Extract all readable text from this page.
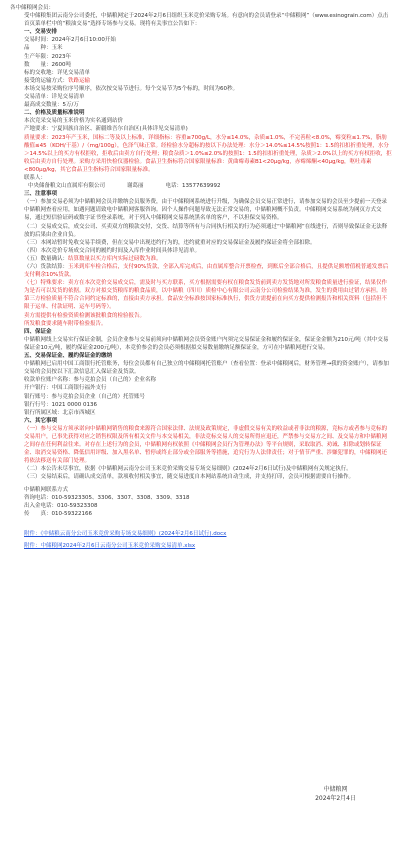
各中储粮网会员：

受中储粮集团云南分公司委托，中储粮网定于2024年2月6日组织玉米竞价采购专场。有意向的会员请登录“中储粮网”（www.esinograin.com）点击首页菜单栏中的“粮油交易”选择专场参与交易。现将有关事宜公告如下：

一、交易安排

交易时间：2024年2月6日10:00开始

品　　种：玉米

生产年限：2023年

数　　量：2600吨

标的交收地：详见交易清单

接受的运输方式：铁路运输

本场交易按采购位序号顺序，依次按交易节进行。每个交易节为5个标的，时间为60秒。

交易清单：详见交易清单

最高成交数量：5万/万

二、价格及质量标准说明

本次竞采交易的玉米价格为实名通到站价

产地要求：宁夏回族自治区、新疆维吾尔自治区(具体详见交易清单)

质量要求：2023年产玉米，国标二等及以上标准，详细指标：容重≥700g/L，水分≤14.0%，杂质≤1.0%，不完善粒<8.0%，霉变粒≤1.7%，脂肪酸值≤45（KOH/干基）/（mg/100g），色泽气味正常。经检验水分超标的按以下办法处理：水分＞14.0%≤14.5%按照1：1.5的扣扣折重处理，水分＞14.5%以上的买方有权拒收，拒收后由卖方自行处理；粮食杂质＞1.0%≤2.0%的按照1：1.5的扣扣折重处理，杂质＞2.0%以上的买方有权拒收，拒收后由卖方自行处理。采购方采用快检仪器检验。食品卫生指标符合国家限量标准：黄曲霉毒素B1<20μg/kg，赤霉烯酮<40μg/kg，呕吐毒素<800μg/kg，其它食品卫生指标符合国家限量标准。

联系人：

中央储备粮文山直属库有限公司	谢葛丽	电话：13577639992

三、注意事项

（一）参加交易必须为中储粮网会员并缴纳会员服务费，由于中储粮网系统进行升级，为确保会员交易正常进行，请参加交易的会员至少提前一天登录中储粮网查看应用，如遇问题请致电中储粮网客服咨询。因个人操作问题导致无法正常交易的，中储粮网概不负责。中储粮网交易系统为网页方式交易，通过短信验证码或数字证书登录系统，对于列入中储粮网交易系统黑名单的客户，不以担保交易资格。

（二）交易成交后，成交公司、买卖双方的粮款交付，交货、结算等所有与合同执行相关的行为必须通过“中储粮网”在线进行，否则导致保证金无法释放的后果由企业自负。

（三）本网站暂时免收交易手续费，但在交易中出现违约行为的，违约就重对应的交易保证金及履约保证金将全部扣除。

（四）本次竞价专场成交合同的履约时间及入库作业时间具体详见清单。

（五）数量确认：结算数量以买方库内实际过磅数为准。

（六）货款结算：玉米到库车检合格后，支付90%货款，全部入库完成后，由直属库整合开票检查，到账后全部合格后，且提供足额增值税普通发票后支付剩余10%货款。

（七）特殊要求：卖方在本次竞价交易成交后，需及时与买方联系，买方根据需要有权在粮食发货前到卖方发货地对所发粮食质量进行验证，结果仅作为是否可以发货的依据。双方对拟交货粮库的粮食品质，以中储粮（四川）质检中心有限公司云南分公司检验结果为准，发生的费用由过错方承担。经第三方检验质量不符合合同约定标准的，直接由卖方承担。食品安全标准按国家标准执行，供货方需提前在向买方提供检测报告和相关资料（包括但不限于运单、付款证明、运车号码等）。

卖方需提供有检验资质检测该批粮食的检验报告。

所发粮食要求随车附带检验报告。

四、保证金

中储粮网线上交易实行保证金制，会员企业参与交易前须向中储粮网会员资金账户内须完交易保证金和履约保证金，保证金金额为210元/吨（其中交易保证金10元/吨，履约保证金200元/吨），本竞价参会的会员必须根据拟交易数量缴纳足额保证金，方可在中储粮网进行交易。

五、交易保证金、履约保证金的缴纳

中储粮网已启用中国工商银行托管账务，每位会员都有自己独立的中储粮网托管账户（查看位置：登录中储粮网后，财务管理→我的资金账户），请参加交易的会员按以下汇款信息汇入保证金及货款。

收款单位账户名称：参与竞拍会员（自己的）企业名称

开户银行：中国工商银行福外支行

银行账号：参与竞拍会员企业（自己的）托管账号

银行行号：1021 0000 0136

银行所属区域：北京市西城区

六、其它事项

（一）参与交易方须承诺向中储粮网销售的粮食来源符合国家法律、法规及政策规定，非虚假交易有关的收益或者非法的粮源，竞标方或者参与竞标的交易用户，已事先获得对应之销售权限及所有相关文件与本交易相关，非法竞标交易人的交易所得应退还，严禁参与交易方之间、及交易方和中储粮网之间存在任何利益往来。对存在上述行为的会员，中储粮网有权依照《中储粮网会员行为管理办法》等平台规则，采取取消、劝诫、扣除或划转保证金、取消交易资格、降低信用评级、加入黑名单、暂停或终止部分或全部服务等措施，追究行为人法律责任；对于情节严重、涉嫌犯罪的，中储粮网还将依法移送有关部门处理。

（二）本公告未尽事宜，依据《中储粮网云南分公司玉米竞价采购交易专场交易细则》(2024年2月6日试行)及中储粮网有关规定执行。

（三）交易结束后，请确认成交清单，款项收付相关事宜，随交易进度自本网站系统自动生成，并支持打印，会员可根据需要自行操作。

中储粮网联系方式

咨询电话：010-59323305、3306、3307、3308、3309、3318

出入金电话：010-59323308

传　　真：010-59322166

附件：《中储粮云南分公司玉米竞价采购专场交易细则》(2024年2月6日试行).docx

附件：中储粮网2024年2月6日云南分公司玉米竞价采购交易清单.xlsx

中储粮网
2024年2月4日
